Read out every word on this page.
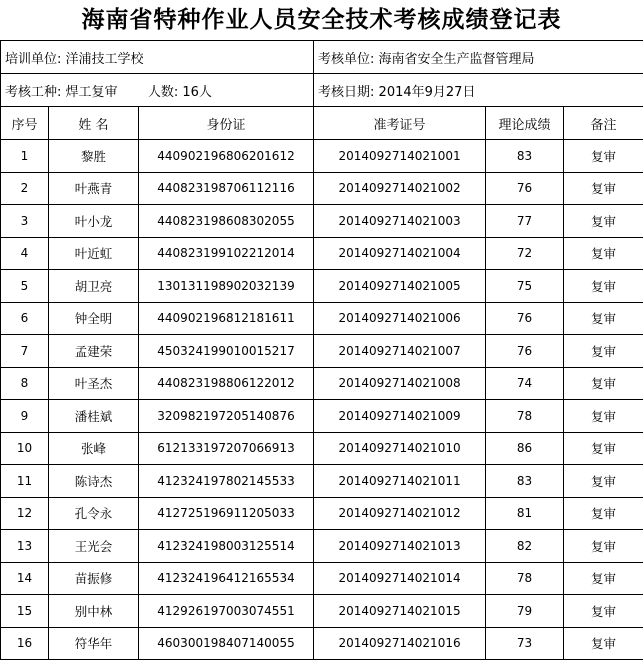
海南省特种作业人员安全技术考核成绩登记表
培训单位: 洋浦技工学校			考核单位: 海南省安全生产监督管理局		
考核工种: 焊工复审 人数: 16人			考核日期: 2014年9月27日		
序号	姓 名	身份证	准考证号	理论成绩	备注
1	黎胜	440902196806201612	2014092714021001	83	复审
2	叶燕青	440823198706112116	2014092714021002	76	复审
3	叶小龙	440823198608302055	2014092714021003	77	复审
4	叶近虹	440823199102212014	2014092714021004	72	复审
5	胡卫亮	130131198902032139	2014092714021005	75	复审
6	钟全明	440902196812181611	2014092714021006	76	复审
7	孟建荣	450324199010015217	2014092714021007	76	复审
8	叶圣杰	440823198806122012	2014092714021008	74	复审
9	潘桂斌	320982197205140876	2014092714021009	78	复审
10	张峰	612133197207066913	2014092714021010	86	复审
11	陈诗杰	412324197802145533	2014092714021011	83	复审
12	孔令永	412725196911205033	2014092714021012	81	复审
13	王光会	412324198003125514	2014092714021013	82	复审
14	苗振修	412324196412165534	2014092714021014	78	复审
15	别中林	412926197003074551	2014092714021015	79	复审
16	符华年	460300198407140055	2014092714021016	73	复审
